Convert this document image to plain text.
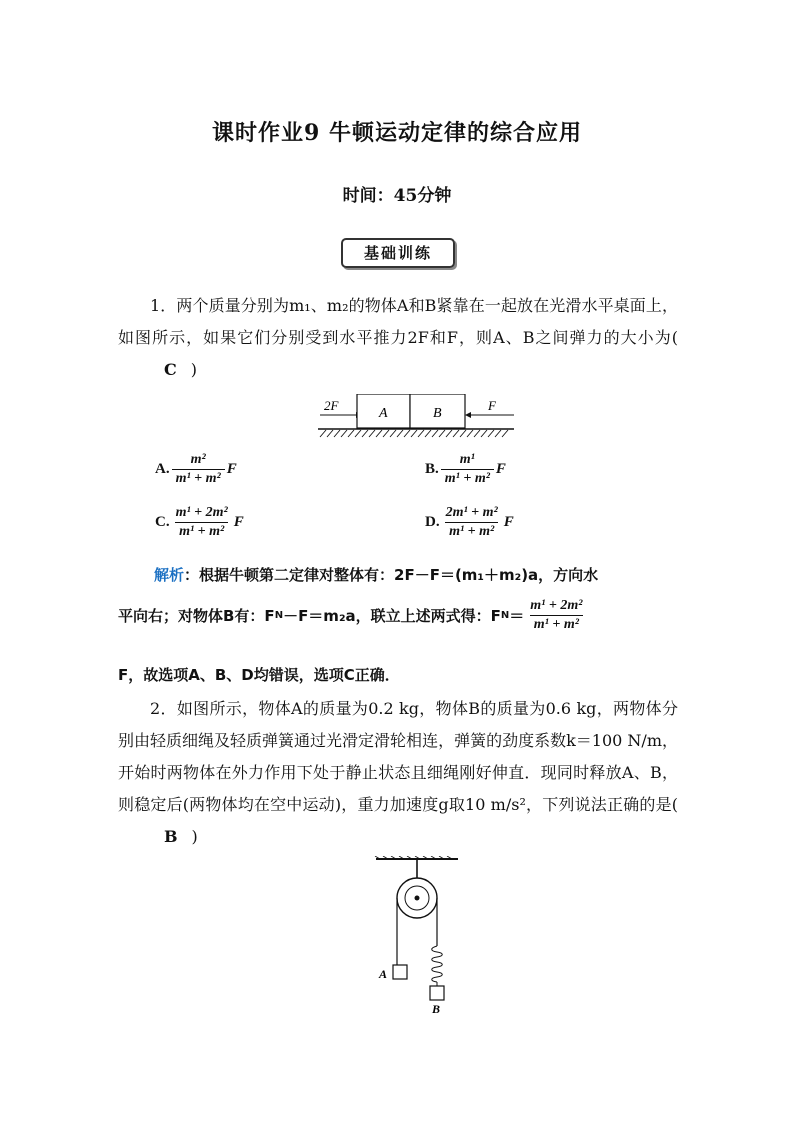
课时作业9 牛顿运动定律的综合应用
时间：45分钟
基础训练
1．两个质量分别为m₁、m₂的物体A和B紧靠在一起放在光滑水平桌面上，如图所示，如果它们分别受到水平推力2F和F，则A、B之间弹力的大小为(C )
2F
A	B
F
A. $\frac{\text{m²}}{\text{m¹ + m²}}$ F	B. $\frac{\text{m¹}}{\text{m¹ + m²}}$ F
C. $\frac{\text{m¹ + 2m²}}{\text{m¹ + m²}}$ F	D. $\frac{\text{2m¹ + m²}}{\text{m¹ + m²}}$ F
解析：根据牛顿第二定律对整体有：2F－F＝(m₁＋m₂)a，方向水
平向右；对物体B有：F N －F＝m₂a，联立上述两式得：F $N = \frac{\text{m¹ + 2m²}}{\text{m¹ + m²}}$
F，故选项A、B、D均错误，选项C正确．
2．如图所示，物体A的质量为0.2 kg，物体B的质量为0.6 kg，两物体分别由轻质细绳及轻质弹簧通过光滑定滑轮相连，弹簧的劲度系数k＝100 N/m，开始时两物体在外力作用下处于静止状态且细绳刚好伸直．现同时释放A、B，则稳定后(两物体均在空中运动)，重力加速度g取10 m/s²，下列说法正确的是(B )
A
B
